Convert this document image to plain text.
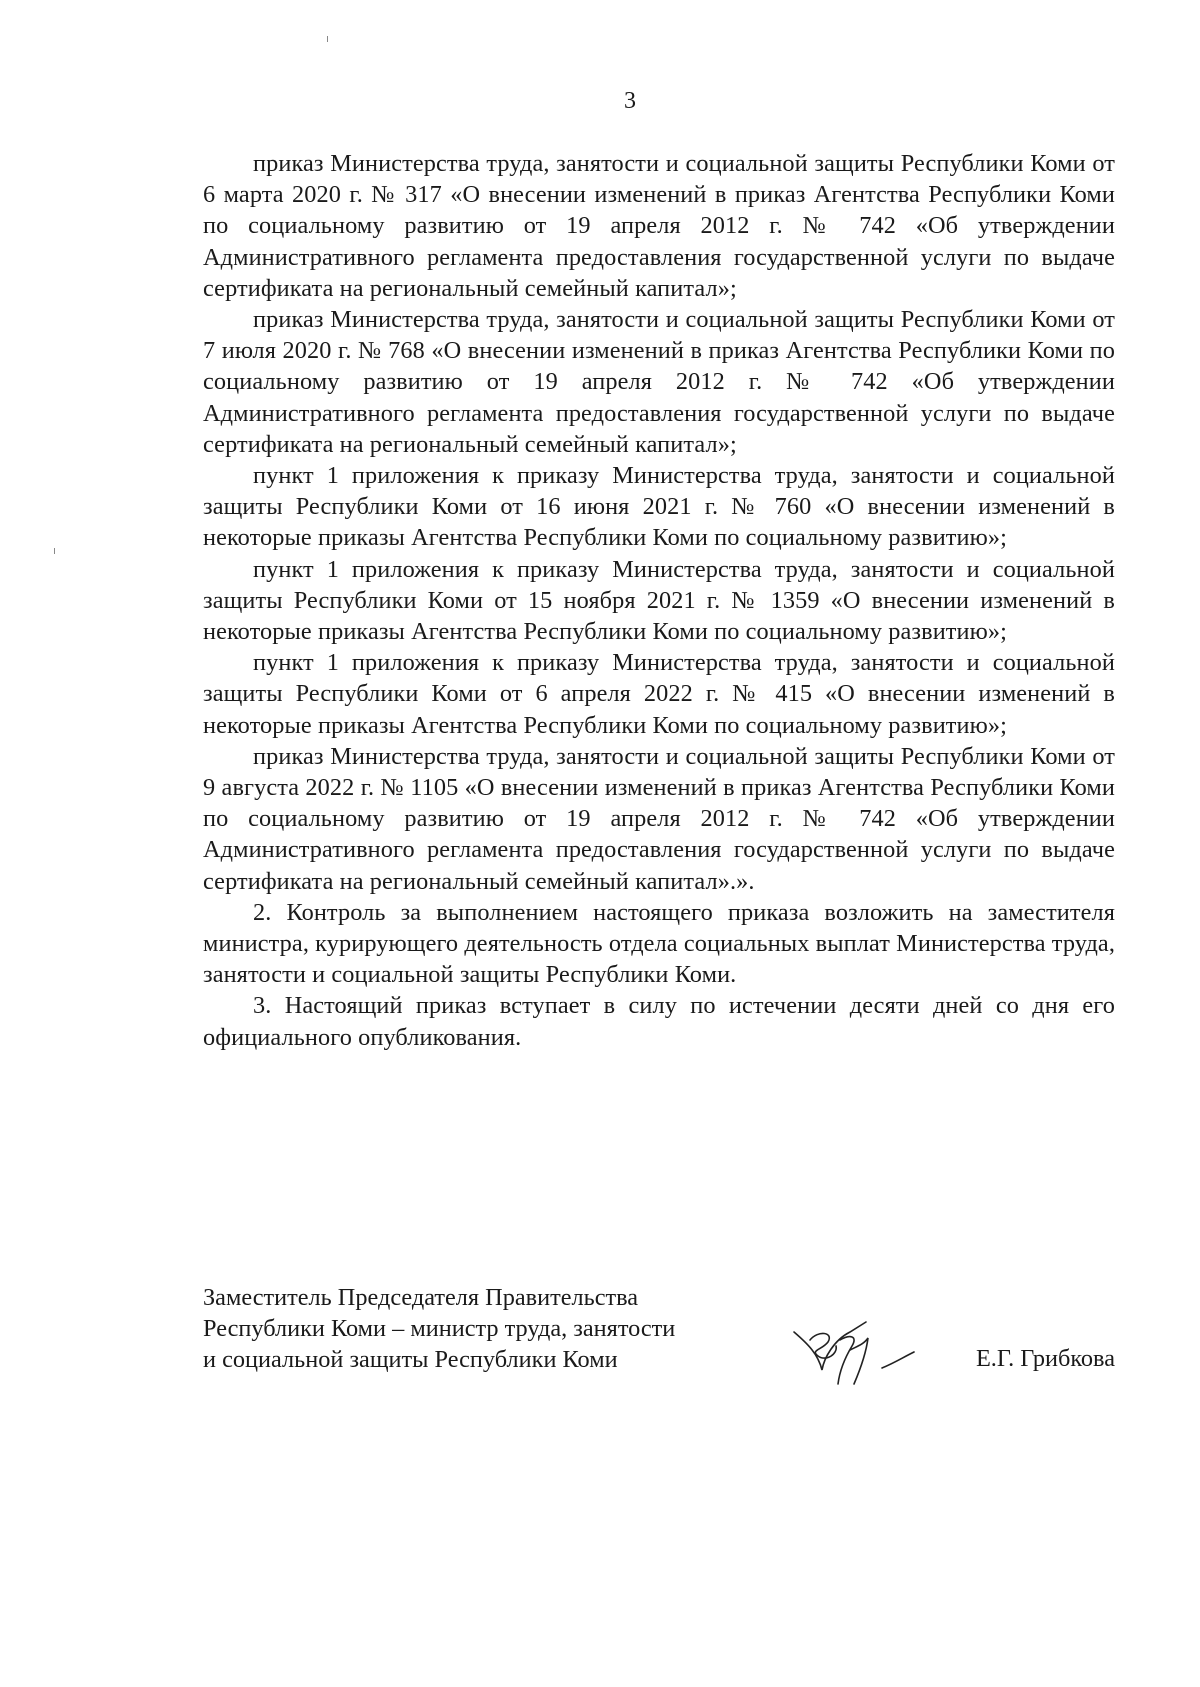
3

приказ Министерства труда, занятости и социальной защиты Республики Коми от 6 марта 2020 г. № 317 «О внесении изменений в приказ Агентства Республики Коми по социальному развитию от 19 апреля 2012 г. № 742 «Об утверждении Административного регламента предоставления государственной услуги по выдаче сертификата на региональный семейный капитал»;

приказ Министерства труда, занятости и социальной защиты Республики Коми от 7 июля 2020 г. № 768 «О внесении изменений в приказ Агентства Республики Коми по социальному развитию от 19 апреля 2012 г. № 742 «Об утверждении Административного регламента предоставления государственной услуги по выдаче сертификата на региональный семейный капитал»;

пункт 1 приложения к приказу Министерства труда, занятости и социальной защиты Республики Коми от 16 июня 2021 г. № 760 «О внесении изменений в некоторые приказы Агентства Республики Коми по социальному развитию»;

пункт 1 приложения к приказу Министерства труда, занятости и социальной защиты Республики Коми от 15 ноября 2021 г. № 1359 «О внесении изменений в некоторые приказы Агентства Республики Коми по социальному развитию»;

пункт 1 приложения к приказу Министерства труда, занятости и социальной защиты Республики Коми от 6 апреля 2022 г. № 415 «О внесении изменений в некоторые приказы Агентства Республики Коми по социальному развитию»;

приказ Министерства труда, занятости и социальной защиты Республики Коми от 9 августа 2022 г. № 1105 «О внесении изменений в приказ Агентства Республики Коми по социальному развитию от 19 апреля 2012 г. № 742 «Об утверждении Административного регламента предоставления государственной услуги по выдаче сертификата на региональный семейный капитал».».

2. Контроль за выполнением настоящего приказа возложить на заместителя министра, курирующего деятельность отдела социальных выплат Министерства труда, занятости и социальной защиты Республики Коми.

3. Настоящий приказ вступает в силу по истечении десяти дней со дня его официального опубликования.

Заместитель Председателя Правительства
Республики Коми – министр труда, занятости
и социальной защиты Республики Коми	Е.Г. Грибкова
